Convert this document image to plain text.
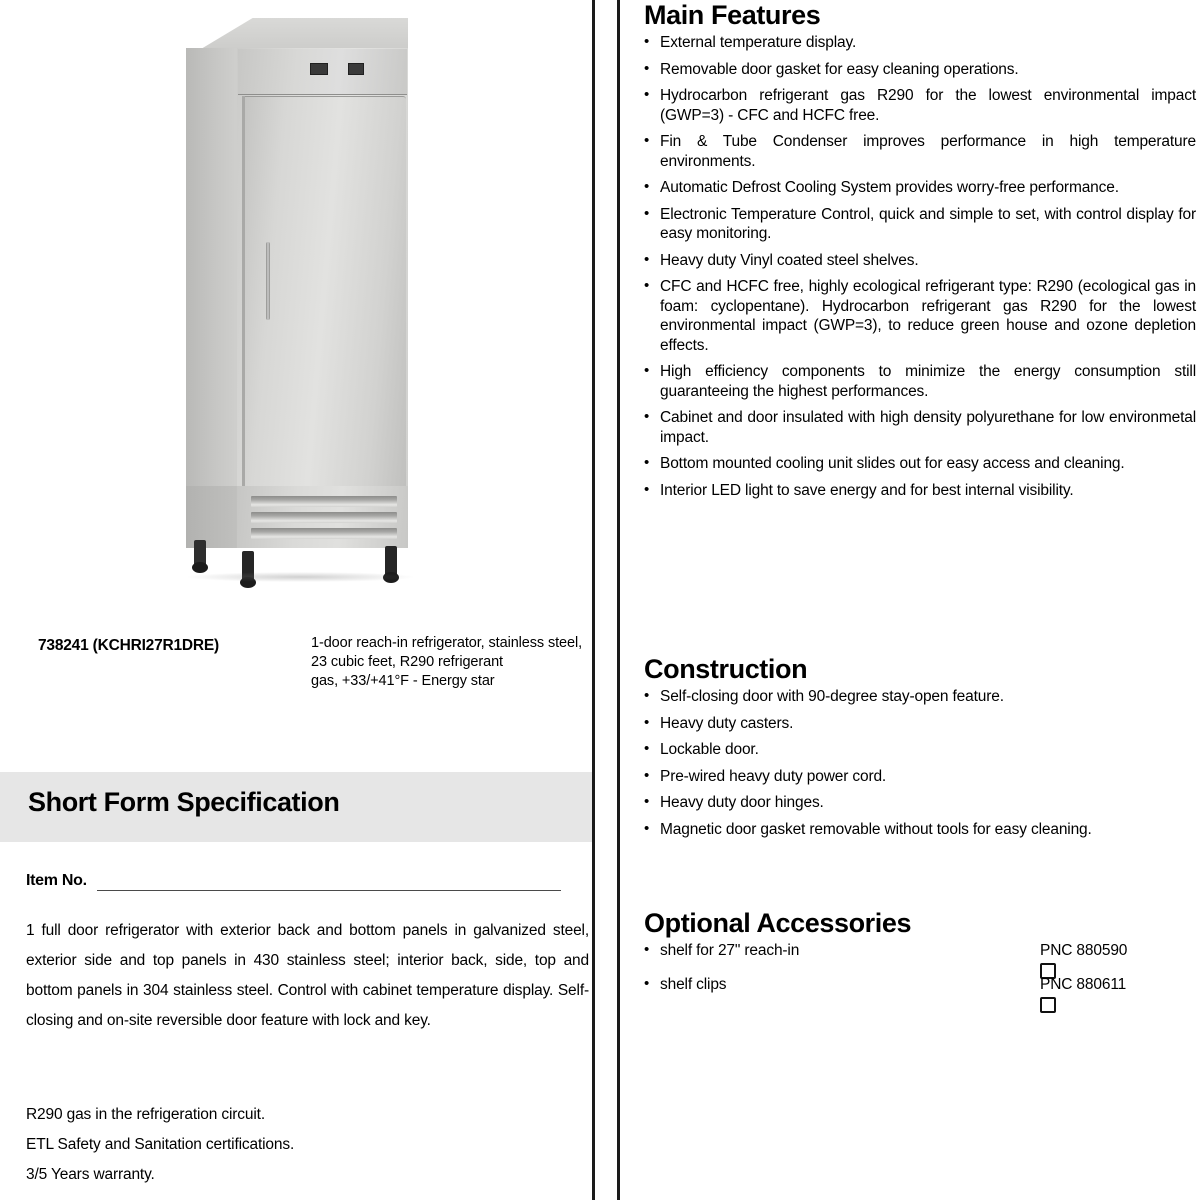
738241 (KCHRI27R1DRE)	1-door reach-in refrigerator, stainless steel, 23 cubic feet, R290 refrigerant
gas, +33/+41°F - Energy star
Short Form Specification
Item No.

1 full door refrigerator with exterior back and bottom panels in galvanized steel, exterior side and top panels in 430 stainless steel; interior back, side, top and bottom panels in 304 stainless steel. Control with cabinet temperature display. Self-closing and on-site reversible door feature with lock and key.

R290 gas in the refrigeration circuit.
ETL Safety and Sanitation certifications.
3/5 Years warranty.
Main Features
• External temperature display.
• Removable door gasket for easy cleaning operations.
• Hydrocarbon refrigerant gas R290 for the lowest environmental impact (GWP=3) - CFC and HCFC free.
• Fin & Tube Condenser improves performance in high temperature environments.
• Automatic Defrost Cooling System provides worry-free performance.
• Electronic Temperature Control, quick and simple to set, with control display for easy monitoring.
• Heavy duty Vinyl coated steel shelves.
• CFC and HCFC free, highly ecological refrigerant type: R290 (ecological gas in foam: cyclopentane). Hydrocarbon refrigerant gas R290 for the lowest environmental impact (GWP=3), to reduce green house and ozone depletion effects.
• High efficiency components to minimize the energy consumption still guaranteeing the highest performances.
• Cabinet and door insulated with high density polyurethane for low environmetal impact.
• Bottom mounted cooling unit slides out for easy access and cleaning.
• Interior LED light to save energy and for best internal visibility.
Construction
• Self-closing door with 90-degree stay-open feature.
• Heavy duty casters.
• Lockable door.
• Pre-wired heavy duty power cord.
• Heavy duty door hinges.
• Magnetic door gasket removable without tools for easy cleaning.
Optional Accessories
• shelf for 27" reach-in	PNC 880590
• shelf clips	PNC 880611
